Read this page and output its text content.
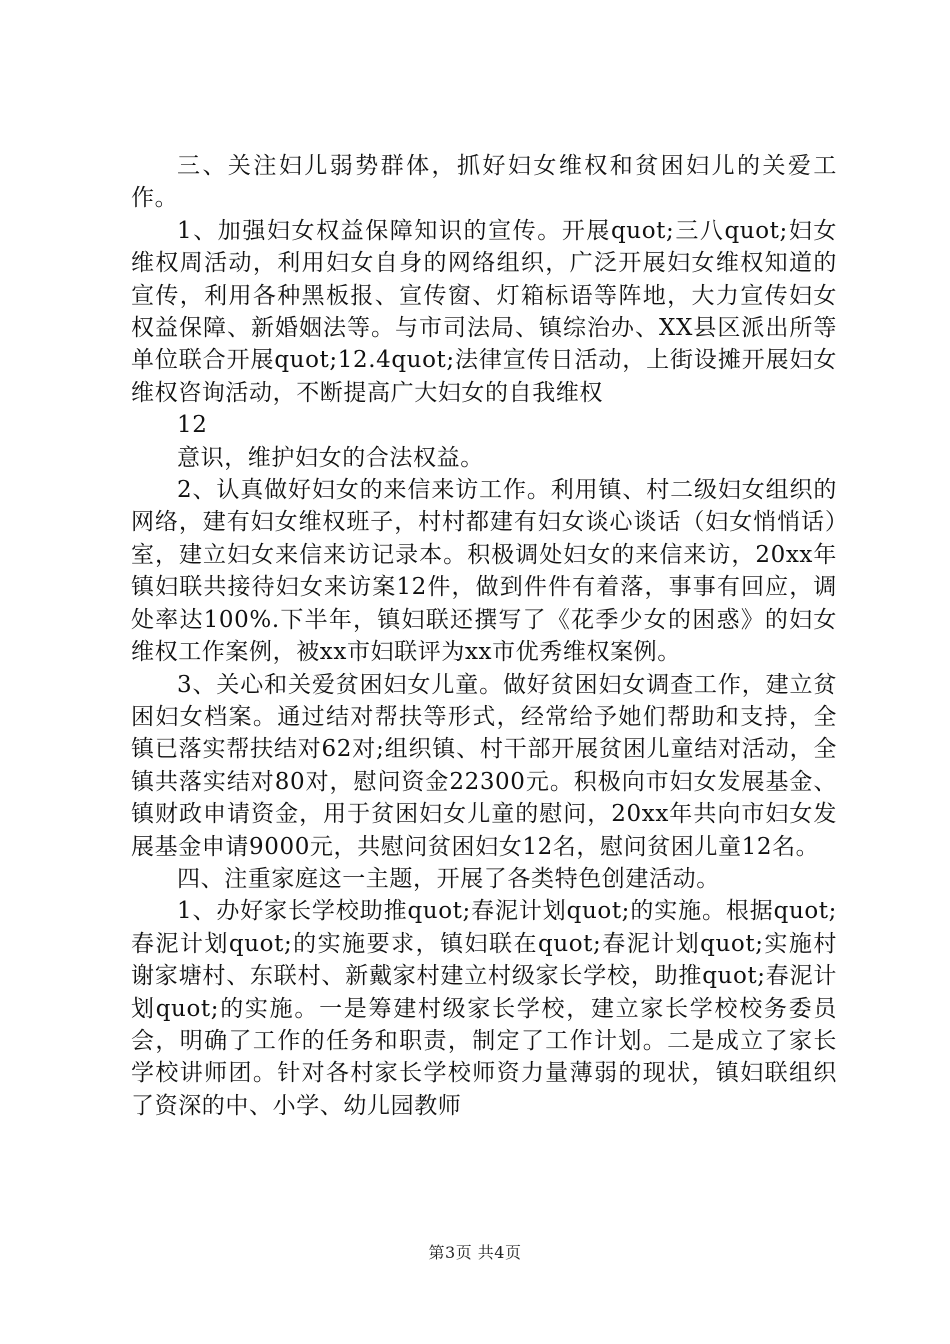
三、关注妇儿弱势群体，抓好妇女维权和贫困妇儿的关爱工作。

1、加强妇女权益保障知识的宣传。开展quot;三八quot;妇女维权周活动，利用妇女自身的网络组织，广泛开展妇女维权知道的宣传，利用各种黑板报、宣传窗、灯箱标语等阵地，大力宣传妇女权益保障、新婚姻法等。与市司法局、镇综治办、XX县区派出所等单位联合开展quot;12.4quot;法律宣传日活动，上街设摊开展妇女维权咨询活动，不断提高广大妇女的自我维权

12

意识，维护妇女的合法权益。

2、认真做好妇女的来信来访工作。利用镇、村二级妇女组织的网络，建有妇女维权班子，村村都建有妇女谈心谈话（妇女悄悄话）室，建立妇女来信来访记录本。积极调处妇女的来信来访，20xx年镇妇联共接待妇女来访案12件，做到件件有着落，事事有回应，调处率达100%.下半年，镇妇联还撰写了《花季少女的困惑》的妇女维权工作案例，被xx市妇联评为xx市优秀维权案例。

3、关心和关爱贫困妇女儿童。做好贫困妇女调查工作，建立贫困妇女档案。通过结对帮扶等形式，经常给予她们帮助和支持，全镇已落实帮扶结对62对;组织镇、村干部开展贫困儿童结对活动，全镇共落实结对80对，慰问资金22300元。积极向市妇女发展基金、镇财政申请资金，用于贫困妇女儿童的慰问，20xx年共向市妇女发展基金申请9000元，共慰问贫困妇女12名，慰问贫困儿童12名。

四、注重家庭这一主题，开展了各类特色创建活动。

1、办好家长学校助推quot;春泥计划quot;的实施。根据quot;春泥计划quot;的实施要求，镇妇联在quot;春泥计划quot;实施村谢家塘村、东联村、新戴家村建立村级家长学校，助推quot;春泥计划quot;的实施。一是筹建村级家长学校，建立家长学校校务委员会，明确了工作的任务和职责，制定了工作计划。二是成立了家长学校讲师团。针对各村家长学校师资力量薄弱的现状，镇妇联组织了资深的中、小学、幼儿园教师

第3页 共4页
